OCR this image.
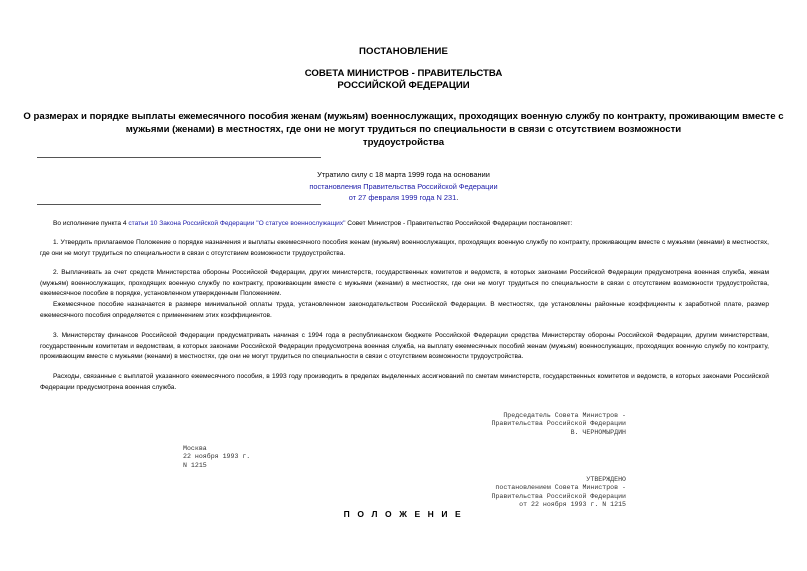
ПОСТАНОВЛЕНИЕ
СОВЕТА МИНИСТРОВ - ПРАВИТЕЛЬСТВА
РОССИЙСКОЙ ФЕДЕРАЦИИ
О размерах и порядке выплаты ежемесячного пособия женам (мужьям) военнослужащих, проходящих военную службу по контракту, проживающим вместе с
мужьями (женами) в местностях, где они не могут трудиться по специальности в связи с отсутствием возможности
трудоустройства
Утратило силу с 18 марта 1999 года на основании
постановления Правительства Российской Федерации
от 27 февраля 1999 года N 231.
Во исполнение пункта 4 статьи 10 Закона Российской Федерации "О статусе военнослужащих" Совет Министров - Правительство Российской Федерации постановляет:
1. Утвердить прилагаемое Положение о порядке назначения и выплаты ежемесячного пособия женам (мужьям) военнослужащих, проходящих военную службу по контракту, проживающим вместе с мужьями (женами) в местностях, где они не могут трудиться по специальности в связи с отсутствием возможности трудоустройства.
2. Выплачивать за счет средств Министерства обороны Российской Федерации, других министерств, государственных комитетов и ведомств, в которых законами Российской Федерации предусмотрена военная служба, женам (мужьям) военнослужащих, проходящих военную службу по контракту, проживающим вместе с мужьями (женами) в местностях, где они не могут трудиться по специальности в связи с отсутствием возможности трудоустройства, ежемесячное пособие в порядке, установленном утвержденным Положением.
Ежемесячное пособие назначается в размере минимальной оплаты труда, установленном законодательством Российской Федерации. В местностях, где установлены районные коэффициенты к заработной плате, размер ежемесячного пособия определяется с применением этих коэффициентов.
3. Министерству финансов Российской Федерации предусматривать начиная с 1994 года в республиканском бюджете Российской Федерации средства Министерству обороны Российской Федерации, другим министерствам, государственным комитетам и ведомствам, в которых законами Российской Федерации предусмотрена военная служба, на выплату ежемесячных пособий женам (мужьям) военнослужащих, проходящих военную службу по контракту, проживающим вместе с мужьями (женами) в местностях, где они не могут трудиться по специальности в связи с отсутствием возможности трудоустройства.
Расходы, связанные с выплатой указанного ежемесячного пособия, в 1993 году производить в пределах выделенных ассигнований по сметам министерств, государственных комитетов и ведомств, в которых законами Российской Федерации предусмотрена военная служба.
Председатель Совета Министров -
Правительства Российской Федерации
В. ЧЕРНОМЫРДИН
Москва
22 ноября 1993 г.
N 1215
УТВЕРЖДЕНО
постановлением Совета Министров -
Правительства Российской Федерации
от 22 ноября 1993 г. N 1215
П О Л О Ж Е Н И Е
